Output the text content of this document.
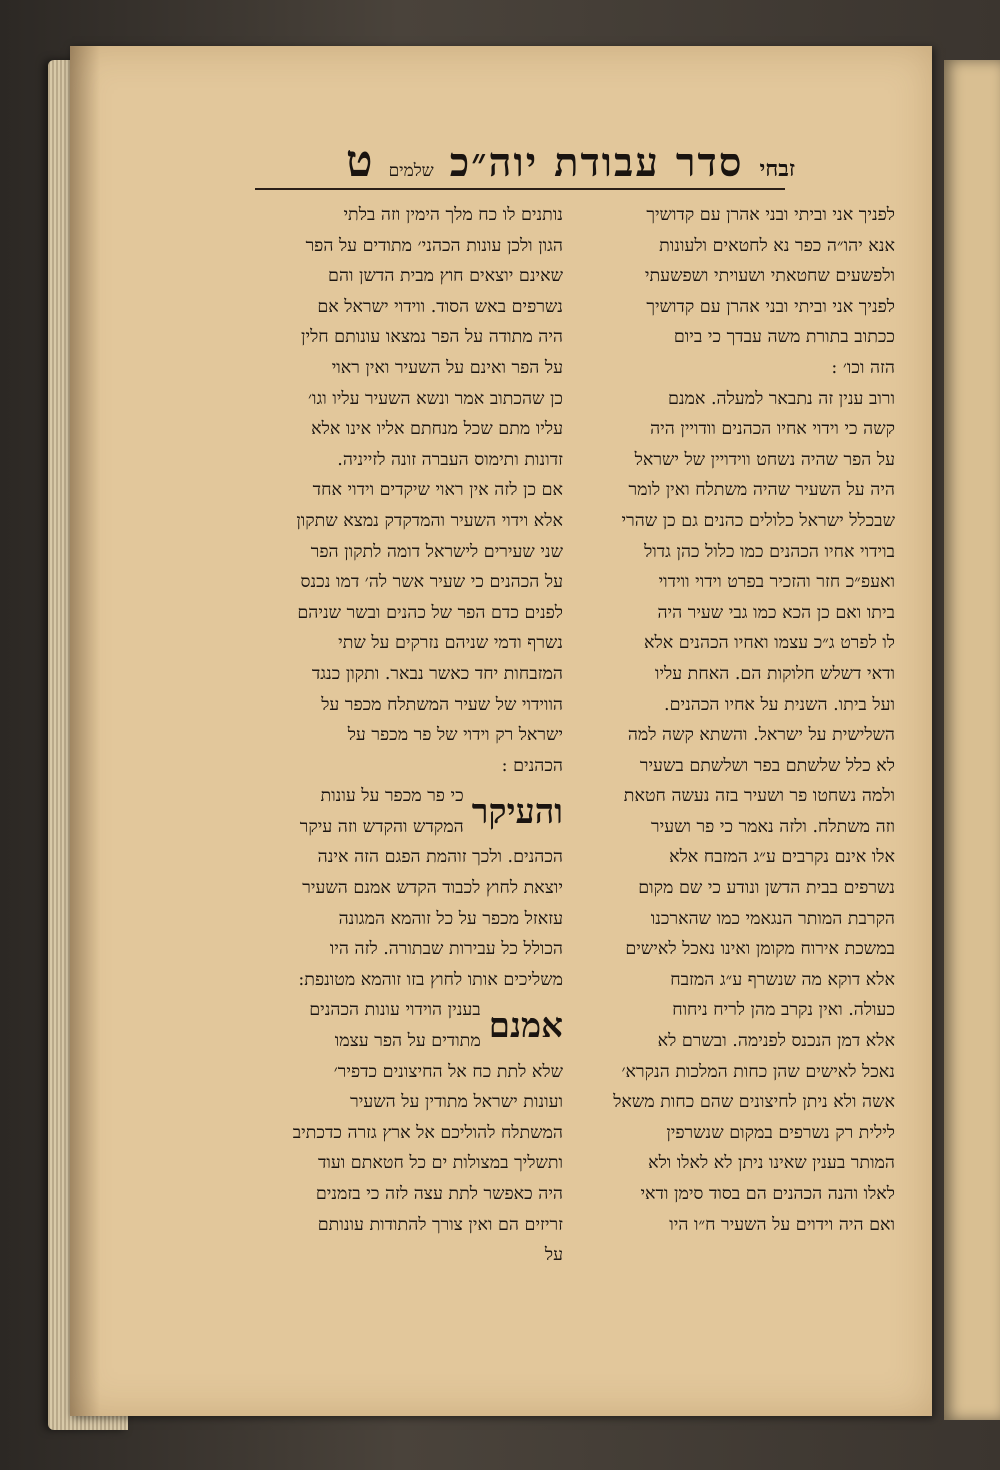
זבחי
סדר עבודת יוה״כ
שלמים
ט

לפניך אני וביתי ובני אהרן עם קדושיך

אנא יהו״ה כפר נא לחטאים ולעונות

ולפשעים שחטאתי ושעויתי ושפשעתי

לפניך אני וביתי ובני אהרן עם קדושיך

ככתוב בתורת משה עבדך כי ביום

הזה וכו׳ :

ורוב ענין זה נתבאר למעלה. אמנם

קשה כי וידוי אחיו הכהנים וודויין היה

על הפר שהיה נשחט ווידויין של ישראל

היה על השעיר שהיה משתלח ואין לומר

שבכלל ישראל כלולים כהנים גם כן שהרי

בוידוי אחיו הכהנים כמו כלול כהן גדול

ואעפ״כ חזר והזכיר בפרט וידוי ווידוי

ביתו ואם כן הכא כמו גבי שעיר היה

לו לפרט ג״כ עצמו ואחיו הכהנים אלא

ודאי דשלש חלוקות הם. האחת עליו

ועל ביתו. השנית על אחיו הכהנים.

השלישית על ישראל. והשתא קשה למה

לא כלל שלשתם בפר ושלשתם בשעיר

ולמה נשחטו פר ושעיר בזה נעשה חטאת

וזה משתלח. ולזה נאמר כי פר ושעיר

אלו אינם נקרבים ע״ג המזבח אלא

נשרפים בבית הדשן ונודע כי שם מקום

הקרבת המותר הנגאמי כמו שהארכנו

במשכת אירוח מקומן ואינו נאכל לאישים

אלא דוקא מה שנשרף ע״ג המזבח

כעולה. ואין נקרב מהן לריח ניחוח

אלא דמן הנכנס לפנימה. ובשרם לא

נאכל לאישים שהן כחות המלכות הנקרא׳

אשה ולא ניתן לחיצונים שהם כחות משאל

לילית רק נשרפים במקום שנשרפין

המותר בענין שאינו ניתן לא לאלו ולא

לאלו והנה הכהנים הם בסוד סימן ודאי

ואם היה וידוים על השעיר ח״ו היו

נותנים לו כח מלך הימין וזה בלתי

הגון ולכן עונות הכהני׳ מתודים על הפר

שאינם יוצאים חוץ מבית הדשן והם

נשרפים באש הסוד. ווידוי ישראל אם

היה מתודה על הפר נמצאו עונותם חלין

על הפר ואינם על השעיר ואין ראוי

כן שהכתוב אמר ונשא השעיר עליו וגו׳

עליו מתם שכל מנחתם אליו אינו אלא

זדונות ותימוס העברה זונה לזייניה.

אם כן לזה אין ראוי שיקדים וידוי אחד

אלא וידוי השעיר והמדקדק נמצא שתקון

שני שעירים לישראל דומה לתקון הפר

על הכהנים כי שעיר אשר לה׳ דמו נכנס

לפנים כדם הפר של כהנים ובשר שניהם

נשרף ודמי שניהם נזרקים על שתי

המזבחות יחד כאשר נבאר. ותקון כנגד

הווידוי של שעיר המשתלח מכפר על

ישראל רק וידוי של פר מכפר על

הכהנים :

והעיקר

כי פר מכפר על עונות

המקדש והקדש וזה עיקר

הכהנים. ולכך זוהמת הפגם הזה אינה

יוצאת לחוץ לכבוד הקדש אמנם השעיר

עזאזל מכפר על כל זוהמא המגונה

הכולל כל עבירות שבתורה. לזה היו

משליכים אותו לחוץ בזו זוהמא מטונפת:

אמנם

בענין הוידוי עונות הכהנים

מתודים על הפר עצמו

שלא לתת כח אל החיצונים כדפיר׳

ועונות ישראל מתודין על השעיר

המשתלח להוליכם אל ארץ גזרה כדכתיב

ותשליך במצולות ים כל חטאתם ועוד

היה כאפשר לתת עצה לזה כי בזמנים

זריזים הם ואין צורך להתודות עונותם

על
